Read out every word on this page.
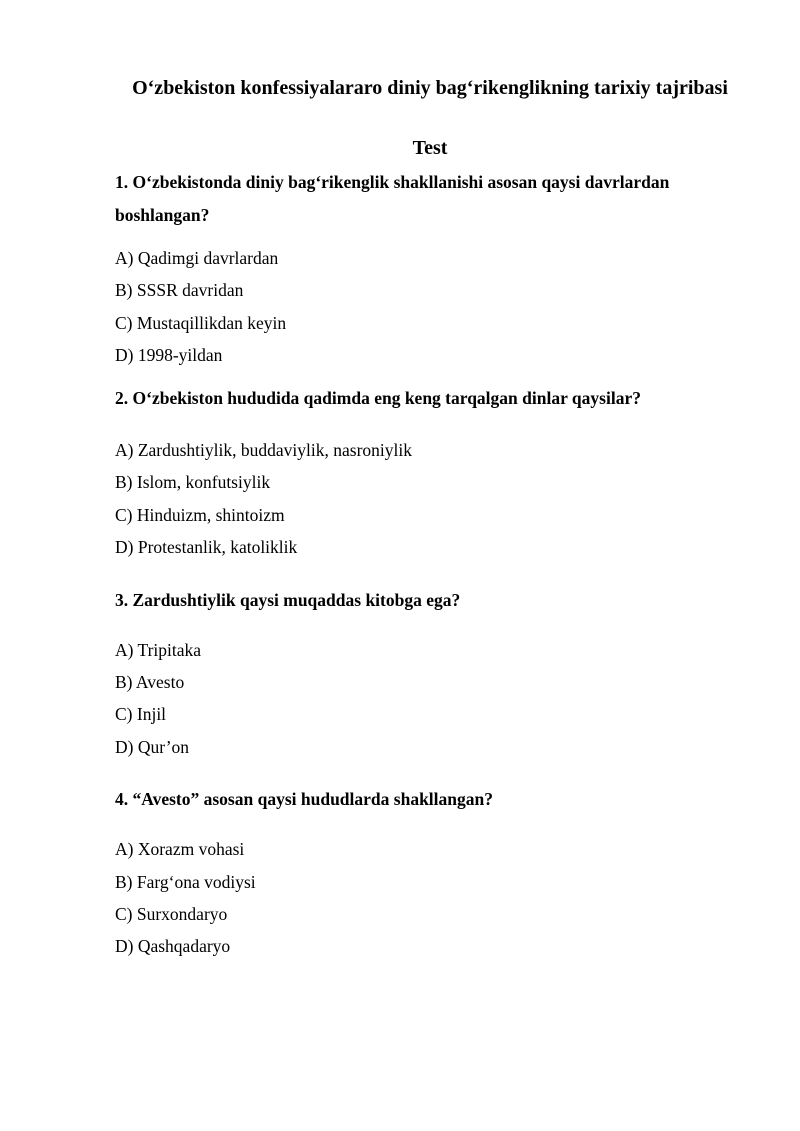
O‘zbekiston konfessiyalararo diniy bag‘rikenglikning tarixiy tajribasi
Test
1. O‘zbekistonda diniy bag‘rikenglik shakllanishi asosan qaysi davrlardan boshlangan?
A) Qadimgi davrlardan
B) SSSR davridan
C) Mustaqillikdan keyin
D) 1998-yildan
2. O‘zbekiston hududida qadimda eng keng tarqalgan dinlar qaysilar?
A) Zardushtiylik, buddaviylik, nasroniylik
B) Islom, konfutsiylik
C) Hinduizm, shintoizm
D) Protestanlik, katoliklik
3. Zardushtiylik qaysi muqaddas kitobga ega?
A) Tripitaka
B) Avesto
C) Injil
D) Qur’on
4. “Avesto” asosan qaysi hududlarda shakllangan?
A) Xorazm vohasi
B) Farg‘ona vodiysi
C) Surxondaryo
D) Qashqadaryo
